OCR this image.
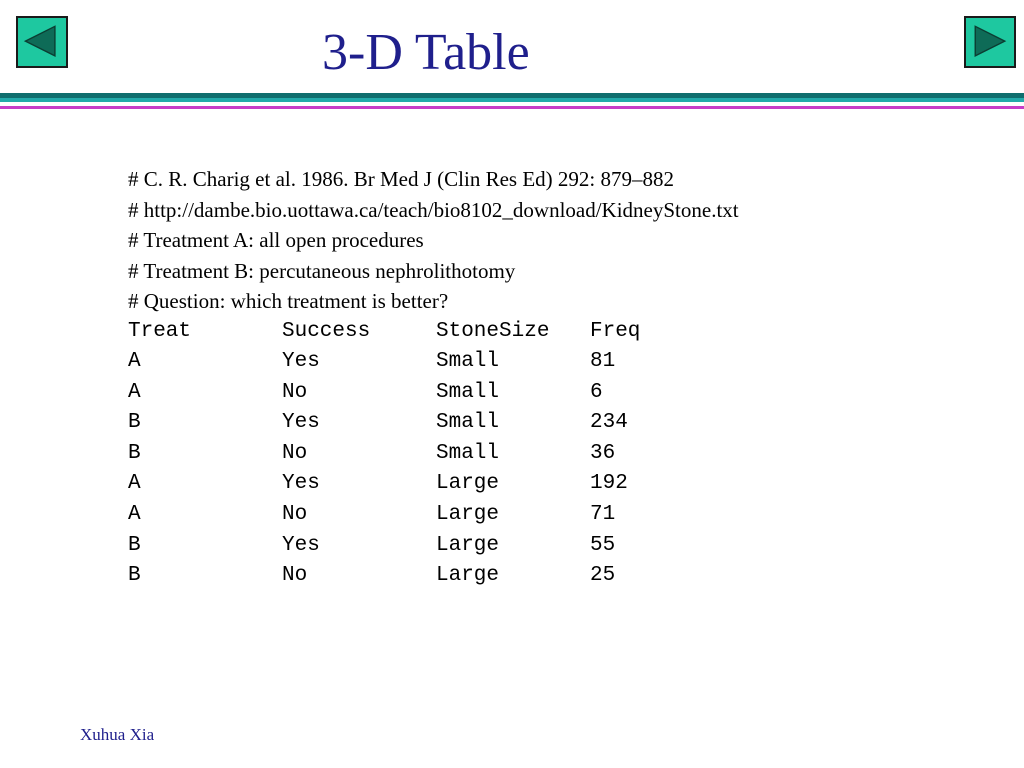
3-D Table
# C. R. Charig et al. 1986. Br Med J (Clin Res Ed) 292: 879–882
# http://dambe.bio.uottawa.ca/teach/bio8102_download/KidneyStone.txt
# Treatment A: all open procedures
# Treatment B: percutaneous nephrolithotomy
# Question: which treatment is better?
Treat	Success	StoneSize	Freq
A	Yes	Small	81
A	No	Small	6
B	Yes	Small	234
B	No	Small	36
A	Yes	Large	192
A	No	Large	71
B	Yes	Large	55
B	No	Large	25
Xuhua Xia
